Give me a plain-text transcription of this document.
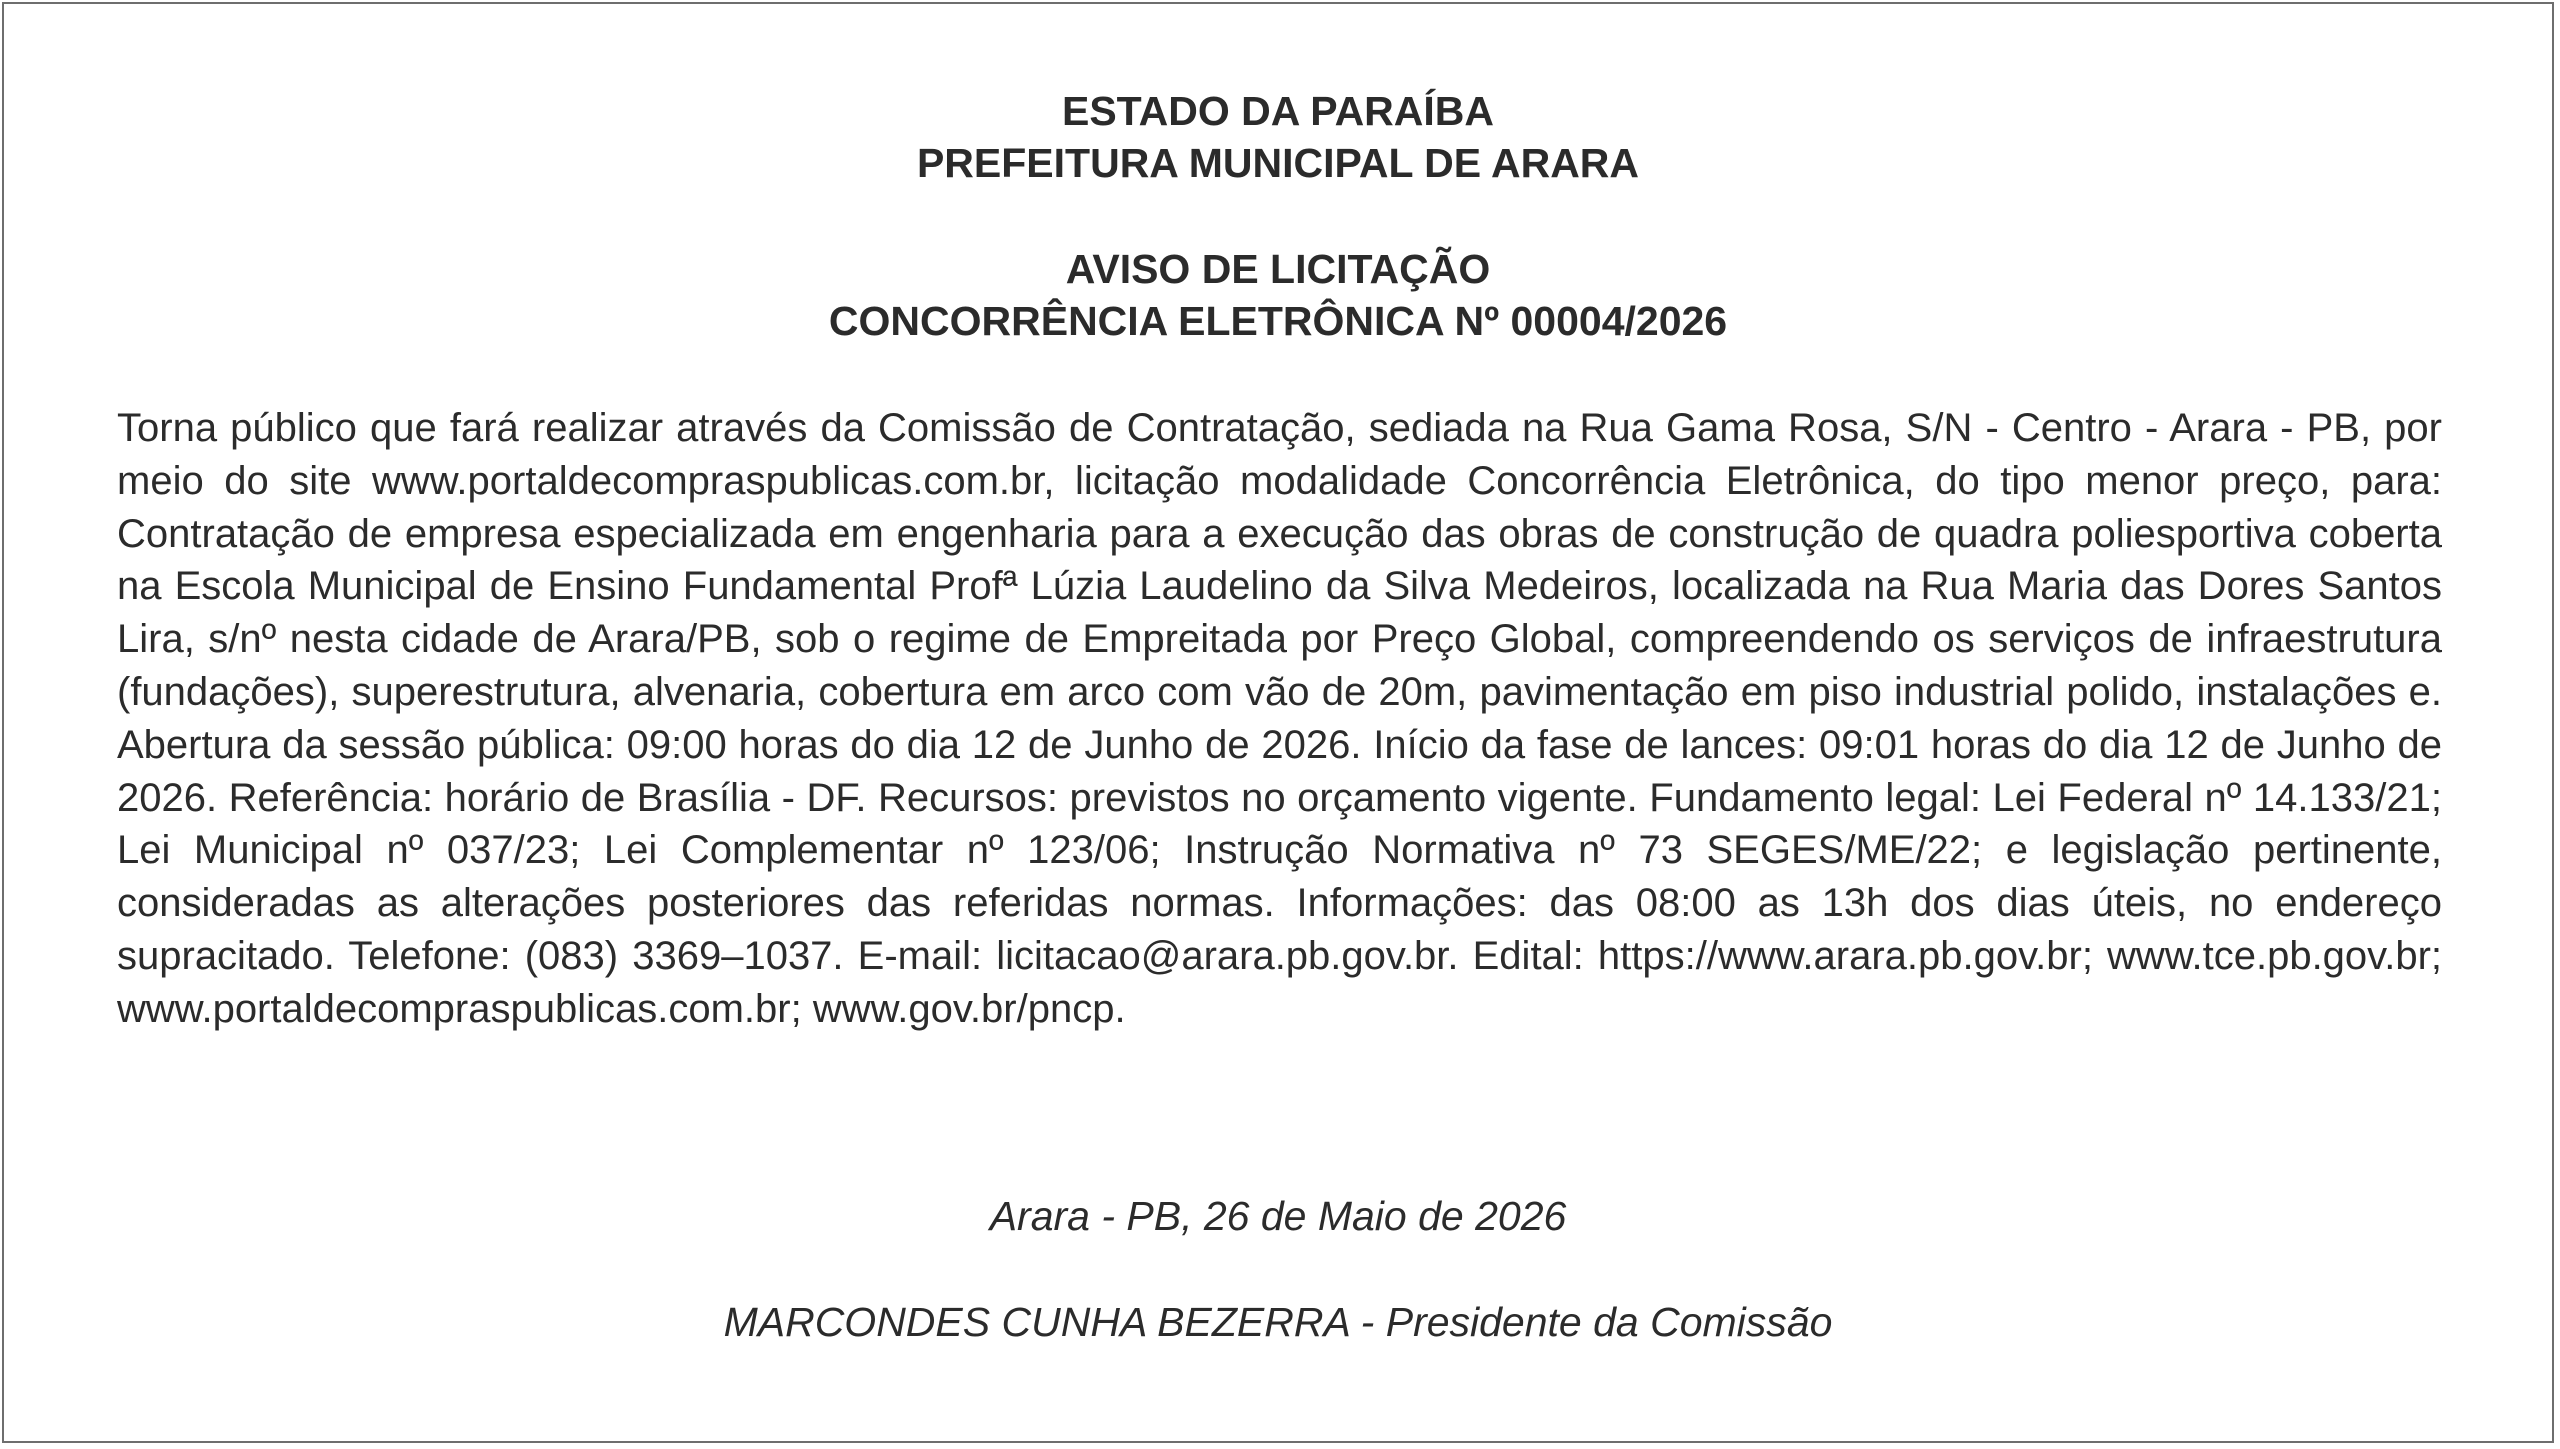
ESTADO DA PARAÍBA
PREFEITURA MUNICIPAL DE ARARA
AVISO DE LICITAÇÃO
CONCORRÊNCIA ELETRÔNICA Nº 00004/2026

Torna público que fará realizar através da Comissão de Contratação, sediada na Rua Gama Rosa, S/N - Centro - Arara - PB, por meio do site www.portaldecompraspublicas.com.br, licitação modalidade Concorrência Eletrônica, do tipo menor preço, para: Contratação de empresa especializada em engenharia para a execução das obras de construção de quadra poliesportiva coberta na Escola Municipal de Ensino Fundamental Profª Lúzia Laudelino da Silva Medeiros, localizada na Rua Maria das Dores Santos Lira, s/nº nesta cidade de Arara/PB, sob o regime de Empreitada por Preço Global, compreendendo os serviços de infraestrutura (fundações), superestrutura, alvenaria, cobertura em arco com vão de 20m, pavimentação em piso industrial polido, instalações e. Abertura da sessão pública: 09:00 horas do dia 12 de Junho de 2026. Início da fase de lances: 09:01 horas do dia 12 de Junho de 2026. Referência: horário de Brasília - DF. Recursos: previstos no orçamento vigente. Fundamento legal: Lei Federal nº 14.133/21; Lei Municipal nº 037/23; Lei Complementar nº 123/06; Instrução Normativa nº 73 SEGES/ME/22; e legislação pertinente, consideradas as alterações posteriores das referidas normas. Informações: das 08:00 as 13h dos dias úteis, no endereço supracitado. Telefone: (083) 3369–1037. E-mail: licitacao@arara.pb.gov.br. Edital: https://www.arara.pb.gov.br; www.tce.pb.gov.br; www.portaldecompraspublicas.com.br; www.gov.br/pncp.

Arara - PB, 26 de Maio de 2026
MARCONDES CUNHA BEZERRA - Presidente da Comissão
